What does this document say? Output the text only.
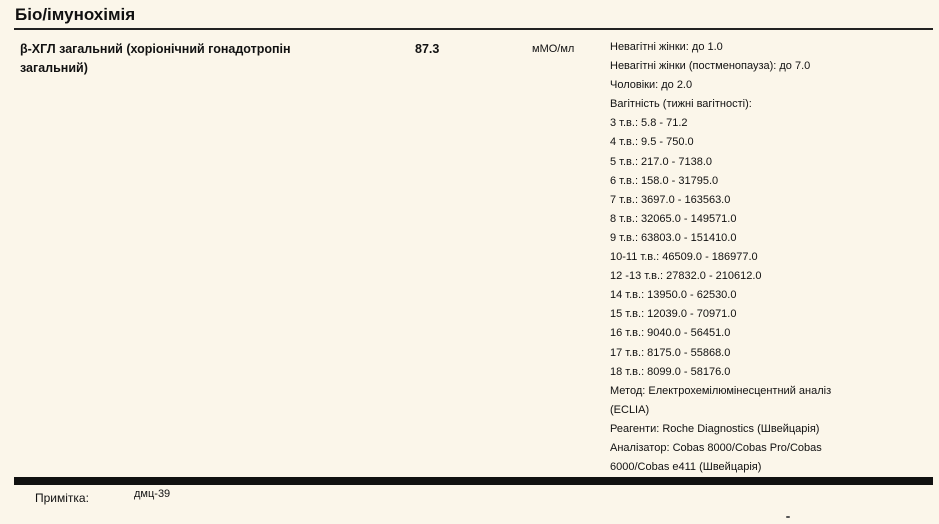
Біо/імунохімія
β-ХГЛ загальний (хоріонічний гонадотропін загальний)
87.3	мМО/мл	Невагітні жінки: до 1.0
Невагітні жінки (постменопауза): до 7.0
Чоловіки: до 2.0
Вагітність (тижні вагітності):
3 т.в.: 5.8 - 71.2
4 т.в.: 9.5 - 750.0
5 т.в.: 217.0 - 7138.0
6 т.в.: 158.0 - 31795.0
7 т.в.: 3697.0 - 163563.0
8 т.в.: 32065.0 - 149571.0
9 т.в.: 63803.0 - 151410.0
10-11 т.в.: 46509.0 - 186977.0
12 -13 т.в.: 27832.0 - 210612.0
14 т.в.: 13950.0 - 62530.0
15 т.в.: 12039.0 - 70971.0
16 т.в.: 9040.0 - 56451.0
17 т.в.: 8175.0 - 55868.0
18 т.в.: 8099.0 - 58176.0
Метод: Електрохемілюмінесцентний аналіз (ECLIA)
Реагенти: Roche Diagnostics (Швейцарія)
Аналізатор: Cobas 8000/Cobas Pro/Cobas 6000/Cobas e411 (Швейцарія)
Примітка:	дмц-39
